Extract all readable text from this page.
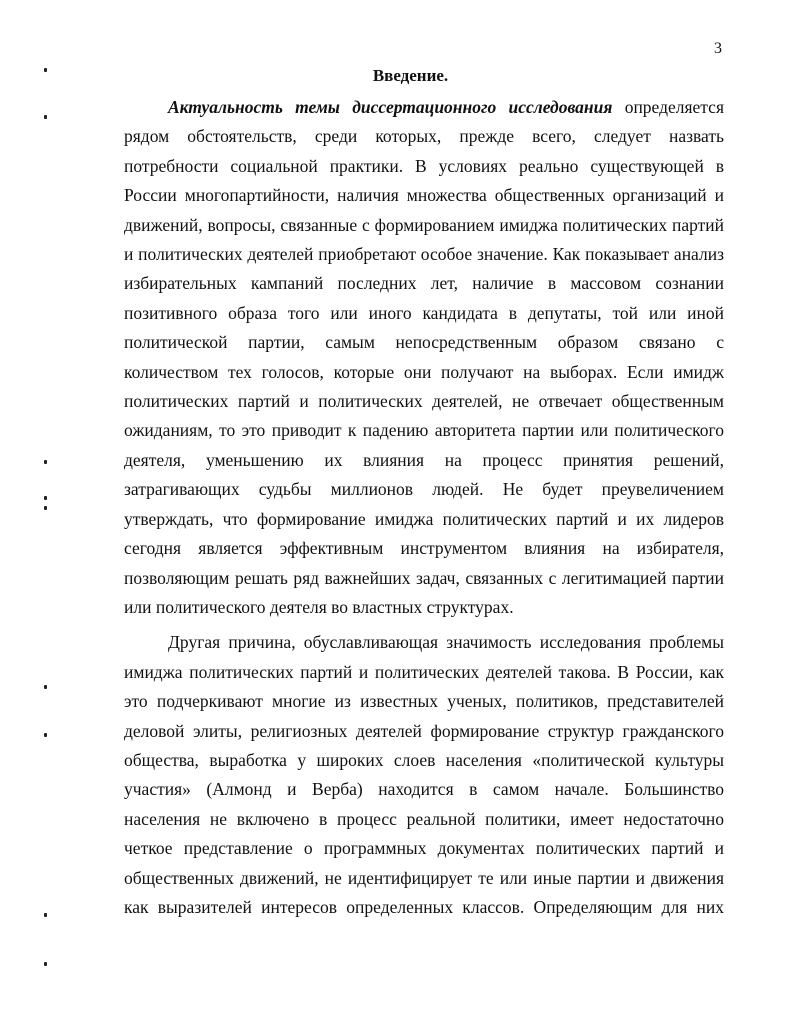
3
Введение.
Актуальность темы диссертационного исследования определяется
рядом обстоятельств, среди которых, прежде всего, следует назвать
потребности социальной практики. В условиях реально существующей в
России многопартийности, наличия множества общественных организаций и
движений, вопросы, связанные с формированием имиджа политических партий
и политических деятелей приобретают особое значение. Как показывает анализ
избирательных кампаний последних лет, наличие в массовом сознании
позитивного образа того или иного кандидата в депутаты, той или иной
политической партии, самым непосредственным образом связано с
количеством тех голосов, которые они получают на выборах. Если имидж
политических партий и политических деятелей, не отвечает общественным
ожиданиям, то это приводит к падению авторитета партии или политического
деятеля, уменьшению их влияния на процесс принятия решений,
затрагивающих судьбы миллионов людей. Не будет преувеличением
утверждать, что формирование имиджа политических партий и их лидеров
сегодня является эффективным инструментом влияния на избирателя,
позволяющим решать ряд важнейших задач, связанных с легитимацией партии
или политического деятеля во властных структурах.
Другая причина, обуславливающая значимость исследования проблемы
имиджа политических партий и политических деятелей такова. В России, как
это подчеркивают многие из известных ученых, политиков, представителей
деловой элиты, религиозных деятелей формирование структур гражданского
общества, выработка у широких слоев населения «политической культуры
участия» (Алмонд и Верба) находится в самом начале. Большинство
населения не включено в процесс реальной политики, имеет недостаточно
четкое представление о программных документах политических партий и
общественных движений, не идентифицирует те или иные партии и движения
как выразителей интересов определенных классов. Определяющим для них
